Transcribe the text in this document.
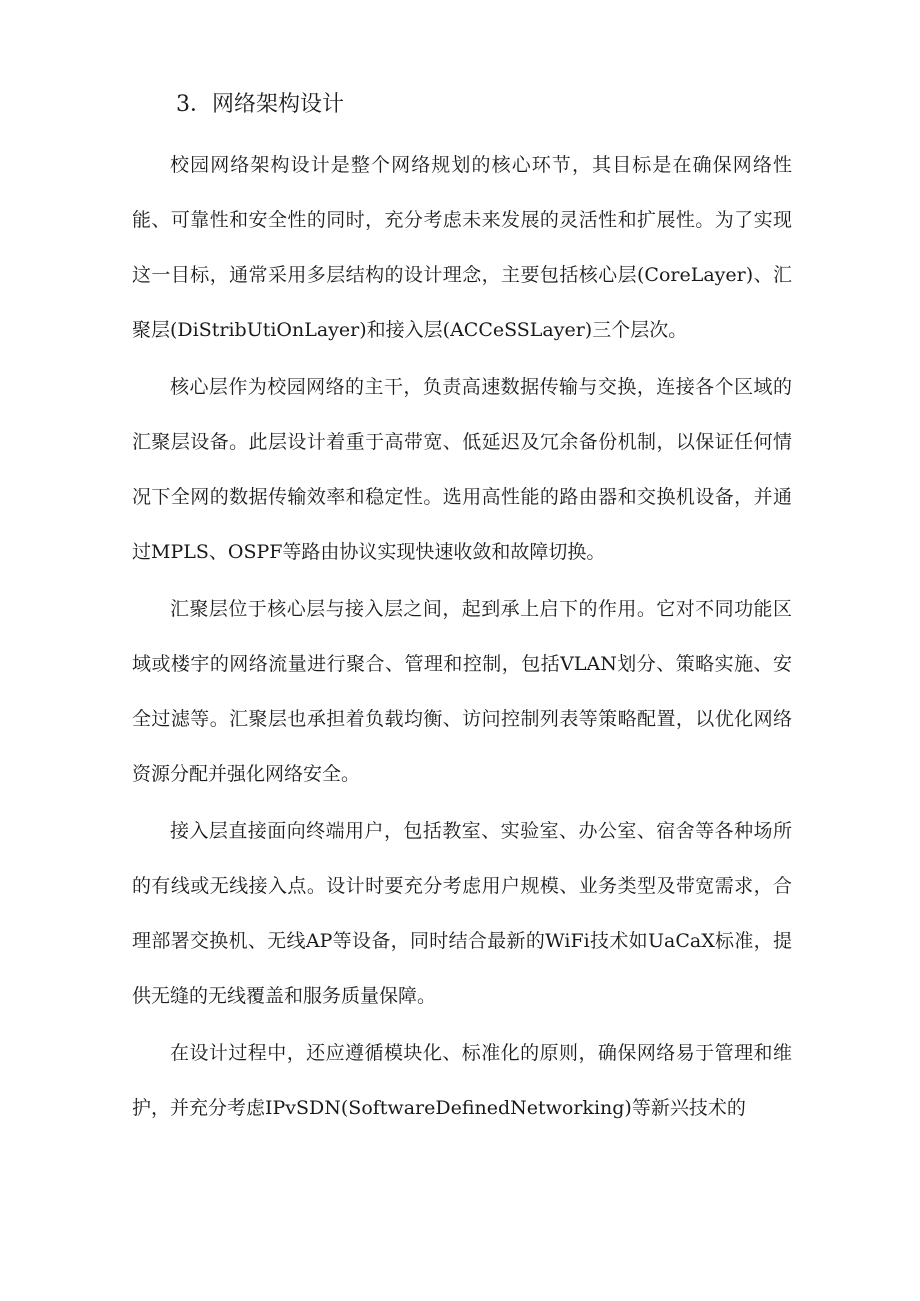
3．网络架构设计

校园网络架构设计是整个网络规划的核心环节，其目标是在确保网络性能、可靠性和安全性的同时，充分考虑未来发展的灵活性和扩展性。为了实现这一目标，通常采用多层结构的设计理念，主要包括核心层(CoreLayer)、汇聚层(DiStribUtiOnLayer)和接入层(ACCeSSLayer)三个层次。

核心层作为校园网络的主干，负责高速数据传输与交换，连接各个区域的汇聚层设备。此层设计着重于高带宽、低延迟及冗余备份机制，以保证任何情况下全网的数据传输效率和稳定性。选用高性能的路由器和交换机设备，并通过MPLS、OSPF等路由协议实现快速收敛和故障切换。

汇聚层位于核心层与接入层之间，起到承上启下的作用。它对不同功能区域或楼宇的网络流量进行聚合、管理和控制，包括VLAN划分、策略实施、安全过滤等。汇聚层也承担着负载均衡、访问控制列表等策略配置，以优化网络资源分配并强化网络安全。

接入层直接面向终端用户，包括教室、实验室、办公室、宿舍等各种场所的有线或无线接入点。设计时要充分考虑用户规模、业务类型及带宽需求，合理部署交换机、无线AP等设备，同时结合最新的WiFi技术如UaCaX标准，提供无缝的无线覆盖和服务质量保障。

在设计过程中，还应遵循模块化、标准化的原则，确保网络易于管理和维护，并充分考虑IPvSDN(SoftwareDefinedNetworking)等新兴技术的
